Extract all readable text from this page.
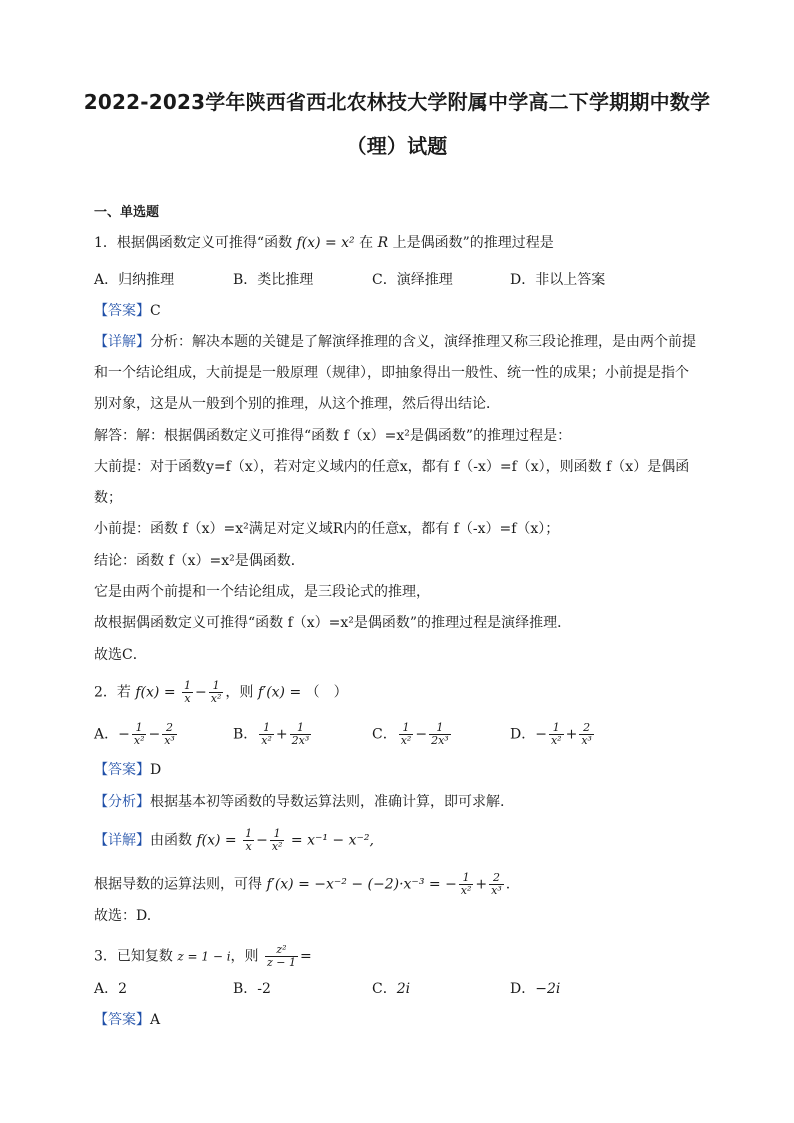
2022-2023学年陕西省西北农林技大学附属中学高二下学期期中数学
（理）试题
一、单选题
1．根据偶函数定义可推得“函数 f(x) = x² 在 R 上是偶函数”的推理过程是
A．归纳推理	B．类比推理	C．演绎推理	D．非以上答案
【答案】C
【详解】分析：解决本题的关键是了解演绎推理的含义，演绎推理又称三段论推理，是由两个前提
和一个结论组成，大前提是一般原理（规律），即抽象得出一般性、统一性的成果；小前提是指个
别对象，这是从一般到个别的推理，从这个推理，然后得出结论．
解答：解：根据偶函数定义可推得“函数 f（x）=x²是偶函数”的推理过程是：
大前提：对于函数y=f（x），若对定义域内的任意x，都有 f（-x）=f（x），则函数 f（x）是偶函
数；
小前提：函数 f（x）=x²满足对定义域R内的任意x，都有 f（-x）=f（x）；
结论：函数 f（x）=x²是偶函数．
它是由两个前提和一个结论组成，是三段论式的推理，
故根据偶函数定义可推得“函数 f（x）=x²是偶函数”的推理过程是演绎推理．
故选C．
2．若 $f(x) = \frac{1}{x} - \frac{1}{\text{x²}}$ ，则 f′(x) = （　）
A．− $\frac{1}{\text{x²}} - \frac{2}{\text{x³}}$	B． $\frac{1}{\text{x²}} + \frac{1}{\text{2x³}}$	C． $\frac{1}{\text{x²}} - \frac{1}{\text{2x³}}$	D．− $\frac{1}{\text{x²}} + \frac{2}{\text{x³}}$
【答案】D
【分析】根据基本初等函数的导数运算法则，准确计算，即可求解.
【详解】由函数 $f(x) = \frac{1}{x} - \frac{1}{\text{x²}} = x^{-1} - x^{-2}$,
根据导数的运算法则，可得 f′(x) = −x⁻² − (−2)·x⁻³ = − $\frac{1}{\text{x²}} + \frac{2}{\text{x³}}$ .
故选：D.
3．已知复数 z = 1 − i，则 $\frac{\text{z²}}{z - 1}$ =
A．2	B．-2	C．2i	D．−2i
【答案】A
